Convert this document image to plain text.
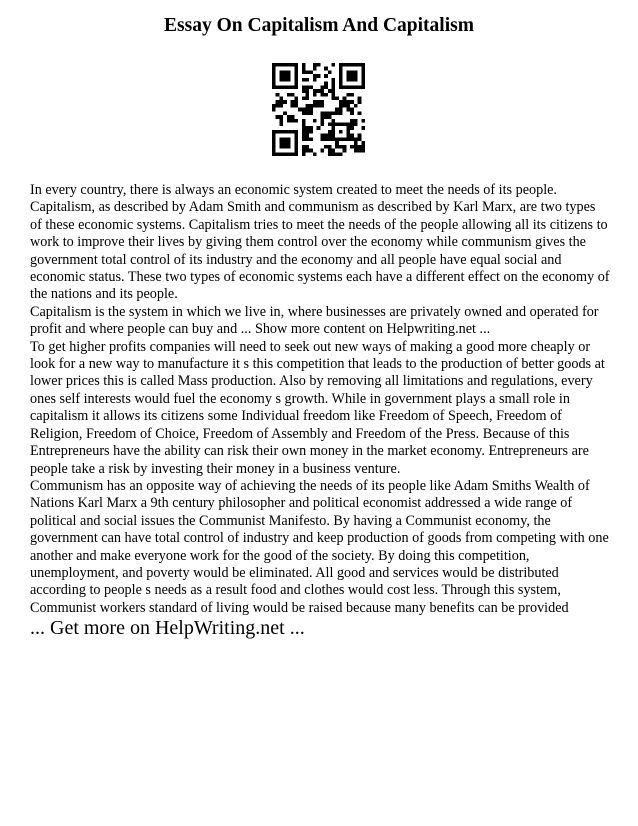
Essay On Capitalism And Capitalism

In every country, there is always an economic system created to meet the needs of its people. Capitalism, as described by Adam Smith and communism as described by Karl Marx, are two types of these economic systems. Capitalism tries to meet the needs of the people allowing all its citizens to work to improve their lives by giving them control over the economy while communism gives the government total control of its industry and the economy and all people have equal social and economic status. These two types of economic systems each have a different effect on the economy of the nations and its people.

Capitalism is the system in which we live in, where businesses are privately owned and operated for profit and where people can buy and ... Show more content on Helpwriting.net ...

To get higher profits companies will need to seek out new ways of making a good more cheaply or look for a new way to manufacture it s this competition that leads to the production of better goods at lower prices this is called Mass production. Also by removing all limitations and regulations, every ones self interests would fuel the economy s growth. While in government plays a small role in capitalism it allows its citizens some Individual freedom like Freedom of Speech, Freedom of Religion, Freedom of Choice, Freedom of Assembly and Freedom of the Press. Because of this Entrepreneurs have the ability can risk their own money in the market economy. Entrepreneurs are people take a risk by investing their money in a business venture.

Communism has an opposite way of achieving the needs of its people like Adam Smiths Wealth of Nations Karl Marx a 9th century philosopher and political economist addressed a wide range of political and social issues the Communist Manifesto. By having a Communist economy, the government can have total control of industry and keep production of goods from competing with one another and make everyone work for the good of the society. By doing this competition, unemployment, and poverty would be eliminated. All good and services would be distributed according to people s needs as a result food and clothes would cost less. Through this system, Communist workers standard of living would be raised because many benefits can be provided

... Get more on HelpWriting.net ...
